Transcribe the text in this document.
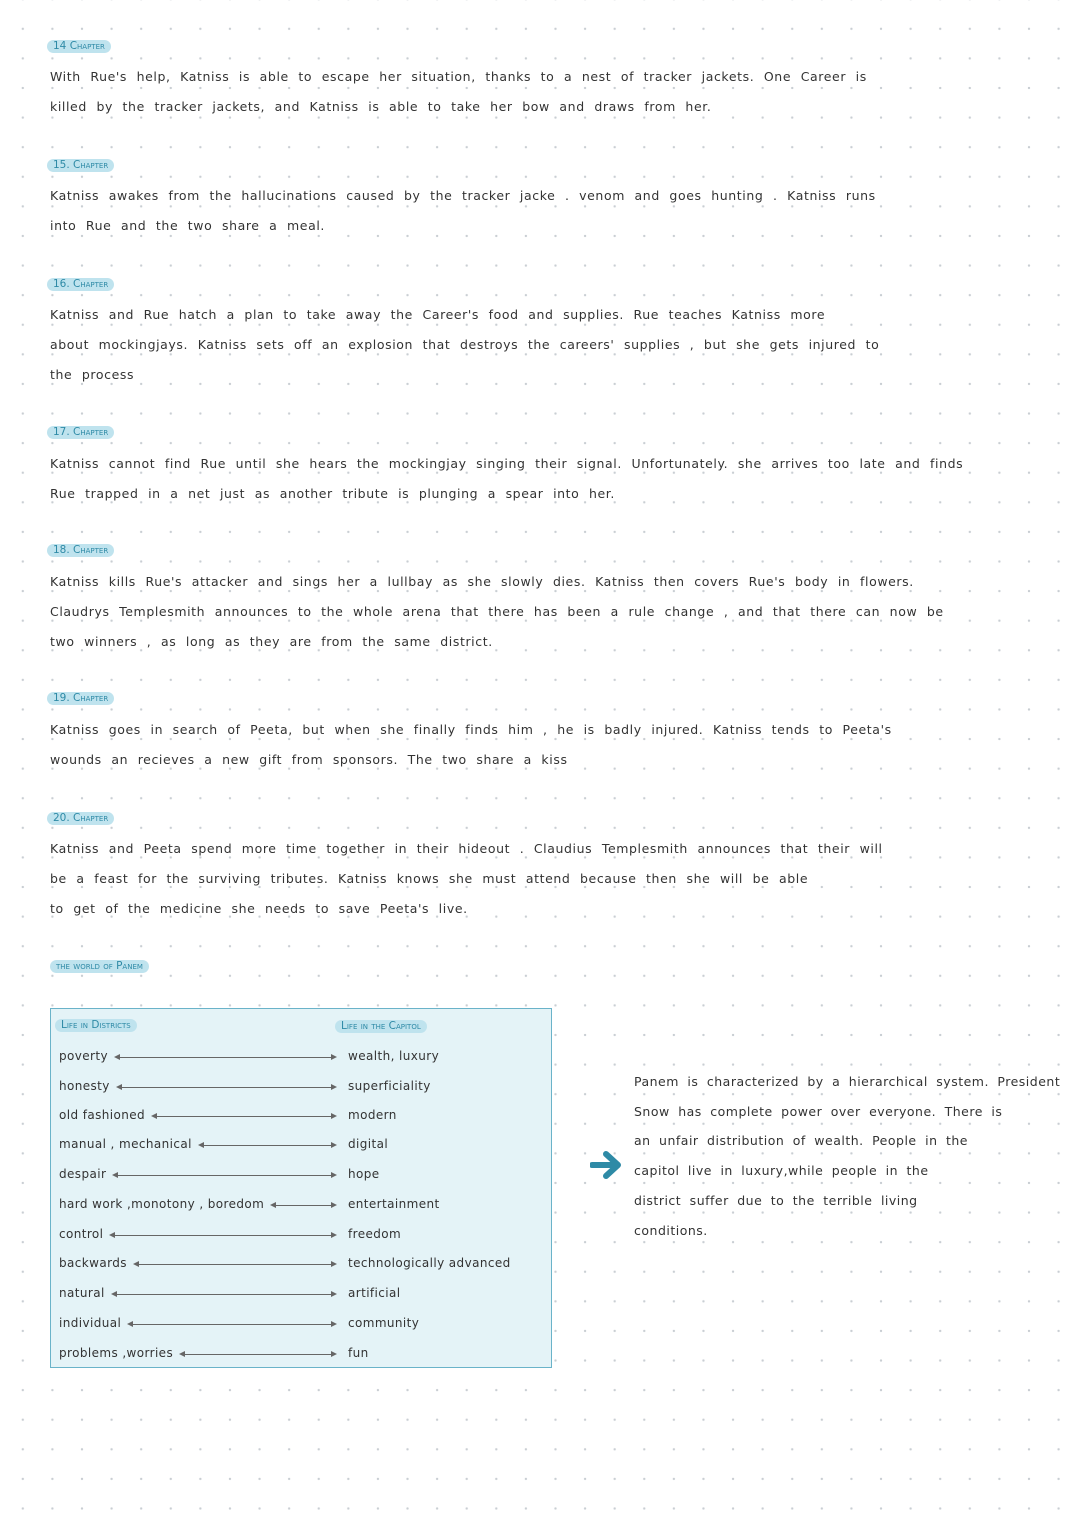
14 Chapter
With Rue's help, Katniss is able to escape her situation, thanks to a nest of tracker jackets. One Career is
killed by the tracker jackets, and Katniss is able to take her bow and draws from her.
15. Chapter
Katniss awakes from the hallucinations caused by the tracker jacke . venom and goes hunting . Katniss runs
into Rue and the two share a meal.
16. Chapter
Katniss and Rue hatch a plan to take away the Career's food and supplies. Rue teaches Katniss more
about mockingjays. Katniss sets off an explosion that destroys the careers' supplies , but she gets injured to
the process
17. Chapter
Katniss cannot find Rue until she hears the mockingjay singing their signal. Unfortunately. she arrives too late and finds
Rue trapped in a net just as another tribute is plunging a spear into her.
18. Chapter
Katniss kills Rue's attacker and sings her a lullbay as she slowly dies. Katniss then covers Rue's body in flowers.
Claudrys Templesmith announces to the whole arena that there has been a rule change , and that there can now be
two winners , as long as they are from the same district.
19. Chapter
Katniss goes in search of Peeta, but when she finally finds him , he is badly injured. Katniss tends to Peeta's
wounds an recieves a new gift from sponsors. The two share a kiss
20. Chapter
Katniss and Peeta spend more time together in their hideout . Claudius Templesmith announces that their will
be a feast for the surviving tributes. Katniss knows she must attend because then she will be able
to get of the medicine she needs to save Peeta's live.
the world of Panem
Life in Districts	Life in the Capitol
poverty	wealth, luxury
honesty	superficiality
old fashioned	modern
manual , mechanical	digital
despair	hope
hard work ,monotony , boredom	entertainment
control	freedom
backwards	technologically advanced
natural	artificial
individual	community
problems ,worries	fun
Panem is characterized by a hierarchical system. President
Snow has complete power over everyone. There is
an unfair distribution of wealth. People in the
capitol live in luxury,while people in the
district suffer due to the terrible living
conditions.
